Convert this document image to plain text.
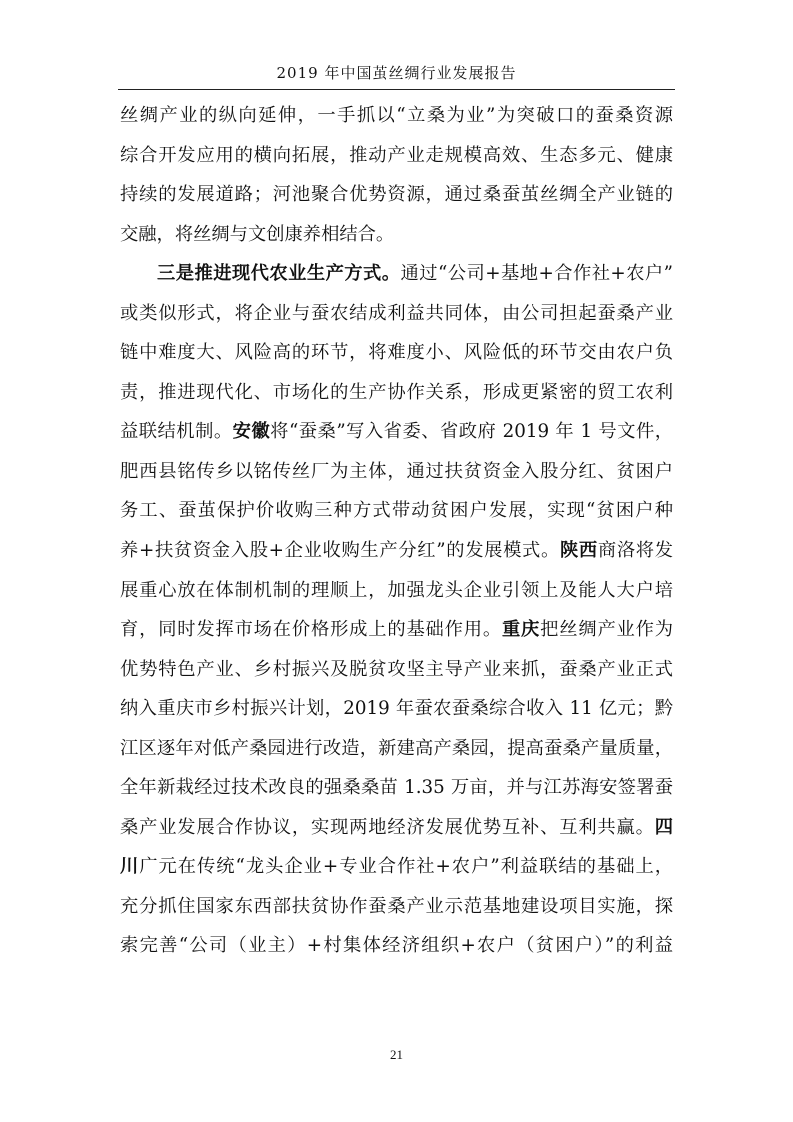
2019 年中国茧丝绸行业发展报告
丝绸产业的纵向延伸，一手抓以“立桑为业”为突破口的蚕桑资源
综合开发应用的横向拓展，推动产业走规模高效、生态多元、健康
持续的发展道路；河池聚合优势资源，通过桑蚕茧丝绸全产业链的
交融，将丝绸与文创康养相结合。
三是推进现代农业生产方式。通过“公司+基地+合作社+农户”
或类似形式，将企业与蚕农结成利益共同体，由公司担起蚕桑产业
链中难度大、风险高的环节，将难度小、风险低的环节交由农户负
责，推进现代化、市场化的生产协作关系，形成更紧密的贸工农利
益联结机制。安徽将“蚕桑”写入省委、省政府 2019 年 1 号文件，
肥西县铭传乡以铭传丝厂为主体，通过扶贫资金入股分红、贫困户
务工、蚕茧保护价收购三种方式带动贫困户发展，实现“贫困户种
养+扶贫资金入股+企业收购生产分红”的发展模式。陕西商洛将发
展重心放在体制机制的理顺上，加强龙头企业引领上及能人大户培
育，同时发挥市场在价格形成上的基础作用。重庆把丝绸产业作为
优势特色产业、乡村振兴及脱贫攻坚主导产业来抓，蚕桑产业正式
纳入重庆市乡村振兴计划，2019 年蚕农蚕桑综合收入 11 亿元；黔
江区逐年对低产桑园进行改造，新建高产桑园，提高蚕桑产量质量，
全年新栽经过技术改良的强桑桑苗 1.35 万亩，并与江苏海安签署蚕
桑产业发展合作协议，实现两地经济发展优势互补、互利共赢。四
川广元在传统“龙头企业+专业合作社+农户”利益联结的基础上，
充分抓住国家东西部扶贫协作蚕桑产业示范基地建设项目实施，探
索完善“公司（业主）+村集体经济组织+农户（贫困户）”的利益
21
